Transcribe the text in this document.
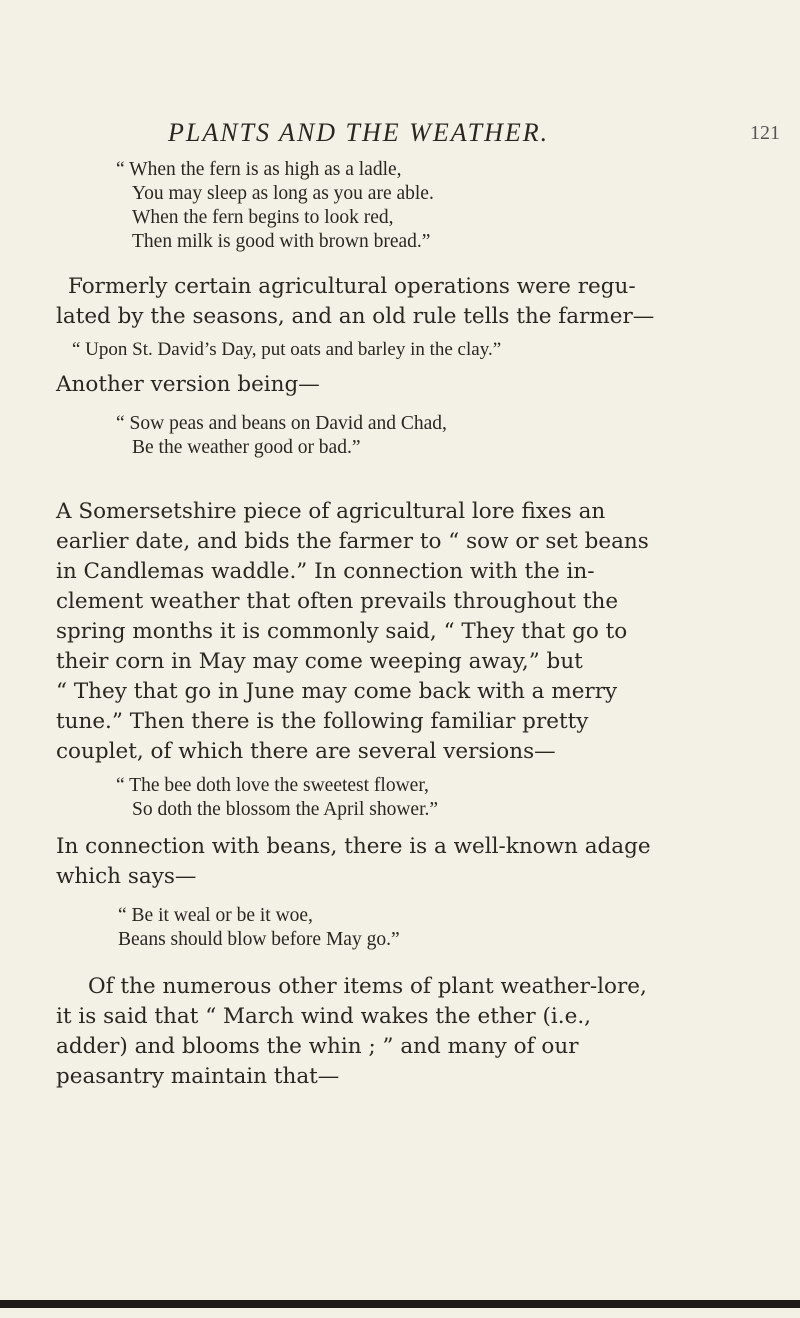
PLANTS AND THE WEATHER.	121
“ When the fern is as high as a ladle,
You may sleep as long as you are able.
When the fern begins to look red,
Then milk is good with brown bread.”
Formerly certain agricultural operations were regu-
lated by the seasons, and an old rule tells the farmer—
“ Upon St. David’s Day, put oats and barley in the clay.”
Another version being—
“ Sow peas and beans on David and Chad,
Be the weather good or bad.”
A Somersetshire piece of agricultural lore fixes an
earlier date, and bids the farmer to “ sow or set beans
in Candlemas waddle.” In connection with the in-
clement weather that often prevails throughout the
spring months it is commonly said, “ They that go to
their corn in May may come weeping away,” but
“ They that go in June may come back with a merry
tune.” Then there is the following familiar pretty
couplet, of which there are several versions—
“ The bee doth love the sweetest flower,
So doth the blossom the April shower.”
In connection with beans, there is a well-known adage
which says—
“ Be it weal or be it woe,
Beans should blow before May go.”
Of the numerous other items of plant weather-lore,
it is said that “ March wind wakes the ether (i.e.,
adder) and blooms the whin ; ” and many of our
peasantry maintain that—
